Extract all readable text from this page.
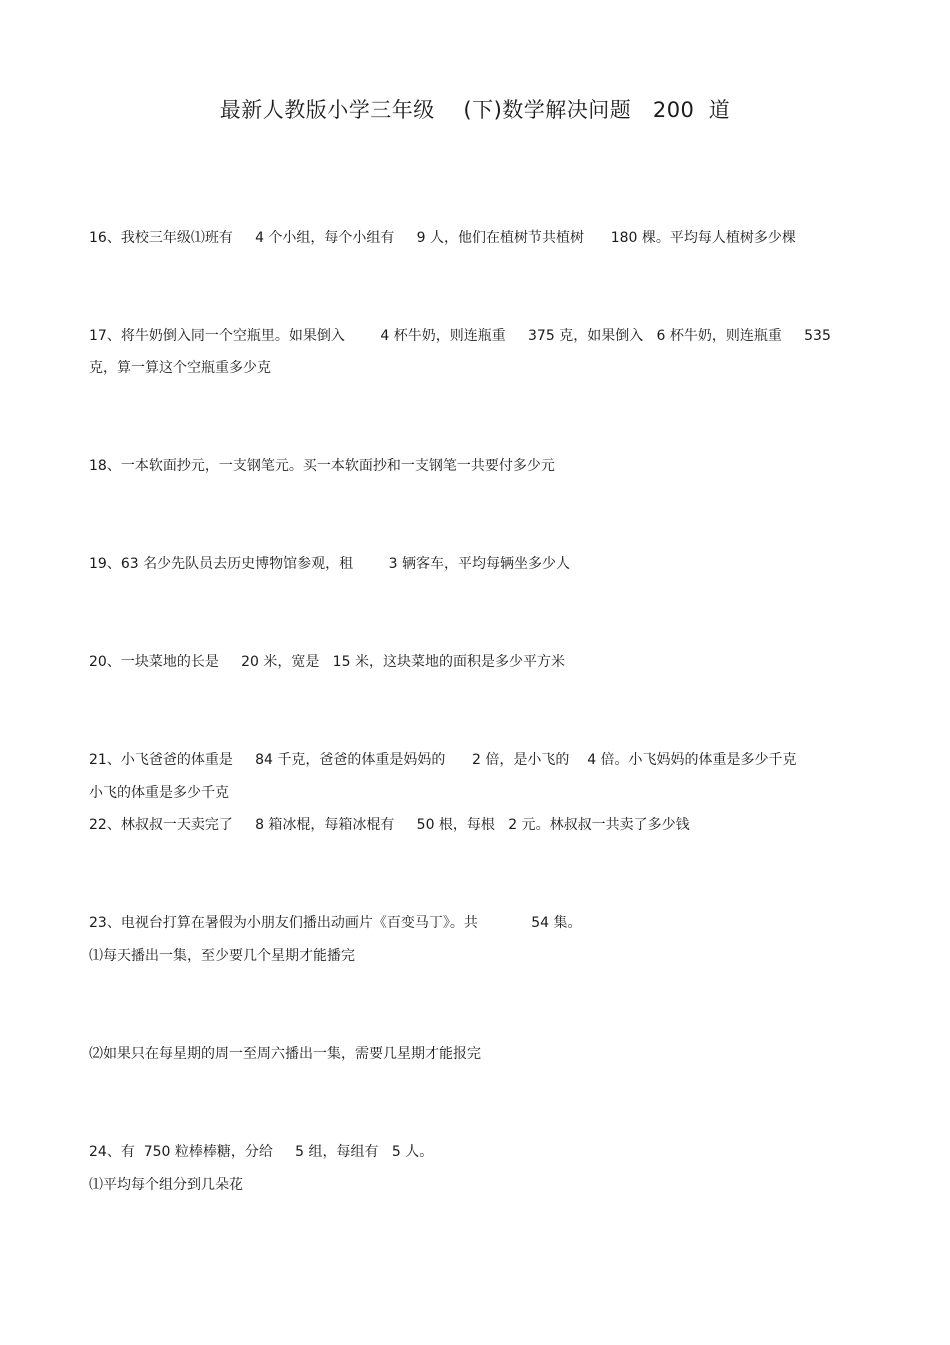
最新人教版小学三年级    (下)数学解决问题   200  道
16、我校三年级⑴班有     4 个小组，每个小组有     9 人，他们在植树节共植树      180 棵。平均每人植树多少棵
17、将牛奶倒入同一个空瓶里。如果倒入        4 杯牛奶，则连瓶重     375 克，如果倒入   6 杯牛奶，则连瓶重     535
克，算一算这个空瓶重多少克
18、一本软面抄元，一支钢笔元。买一本软面抄和一支钢笔一共要付多少元
19、63 名少先队员去历史博物馆参观，租        3 辆客车，平均每辆坐多少人
20、一块菜地的长是     20 米，宽是   15 米，这块菜地的面积是多少平方米
21、小飞爸爸的体重是     84 千克，爸爸的体重是妈妈的      2 倍，是小飞的    4 倍。小飞妈妈的体重是多少千克
小飞的体重是多少千克
22、林叔叔一天卖完了     8 箱冰棍，每箱冰棍有     50 根，每根   2 元。林叔叔一共卖了多少钱
23、电视台打算在暑假为小朋友们播出动画片《百变马丁》。共            54 集。
⑴每天播出一集，至少要几个星期才能播完
⑵如果只在每星期的周一至周六播出一集，需要几星期才能报完
24、有  750 粒棒棒糖，分给     5 组，每组有   5 人。
⑴平均每个组分到几朵花
